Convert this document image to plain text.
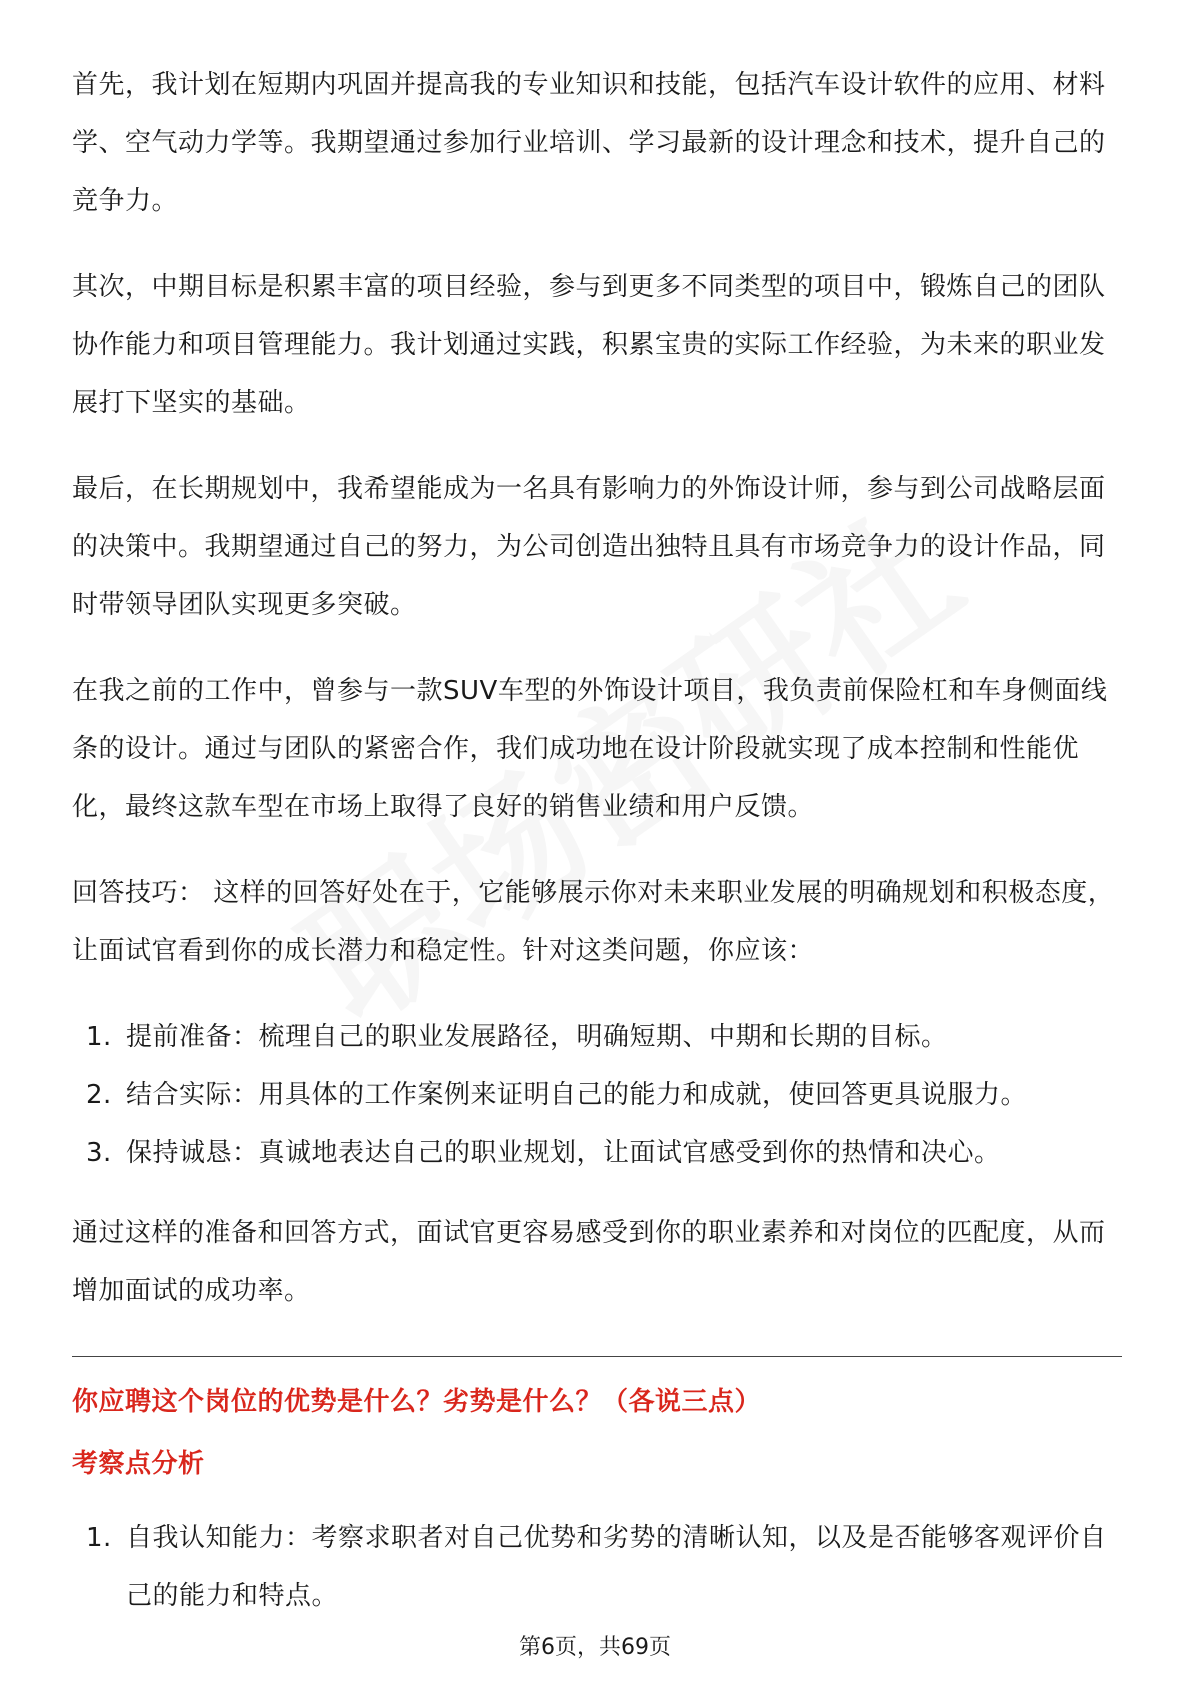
首先，我计划在短期内巩固并提高我的专业知识和技能，包括汽车设计软件的应用、材料学、空气动力学等。我期望通过参加行业培训、学习最新的设计理念和技术，提升自己的竞争力。

其次，中期目标是积累丰富的项目经验，参与到更多不同类型的项目中，锻炼自己的团队协作能力和项目管理能力。我计划通过实践，积累宝贵的实际工作经验，为未来的职业发展打下坚实的基础。

最后，在长期规划中，我希望能成为一名具有影响力的外饰设计师，参与到公司战略层面的决策中。我期望通过自己的努力，为公司创造出独特且具有市场竞争力的设计作品，同时带领导团队实现更多突破。

在我之前的工作中，曾参与一款SUV车型的外饰设计项目，我负责前保险杠和车身侧面线条的设计。通过与团队的紧密合作，我们成功地在设计阶段就实现了成本控制和性能优化，最终这款车型在市场上取得了良好的销售业绩和用户反馈。

回答技巧： 这样的回答好处在于，它能够展示你对未来职业发展的明确规划和积极态度，让面试官看到你的成长潜力和稳定性。针对这类问题，你应该：

1. 提前准备：梳理自己的职业发展路径，明确短期、中期和长期的目标。
2. 结合实际：用具体的工作案例来证明自己的能力和成就，使回答更具说服力。
3. 保持诚恳：真诚地表达自己的职业规划，让面试官感受到你的热情和决心。

通过这样的准备和回答方式，面试官更容易感受到你的职业素养和对岗位的匹配度，从而增加面试的成功率。

你应聘这个岗位的优势是什么？劣势是什么？（各说三点）
考察点分析
1. 自我认知能力：考察求职者对自己优势和劣势的清晰认知，以及是否能够客观评价自己的能力和特点。
第6页，共69页
